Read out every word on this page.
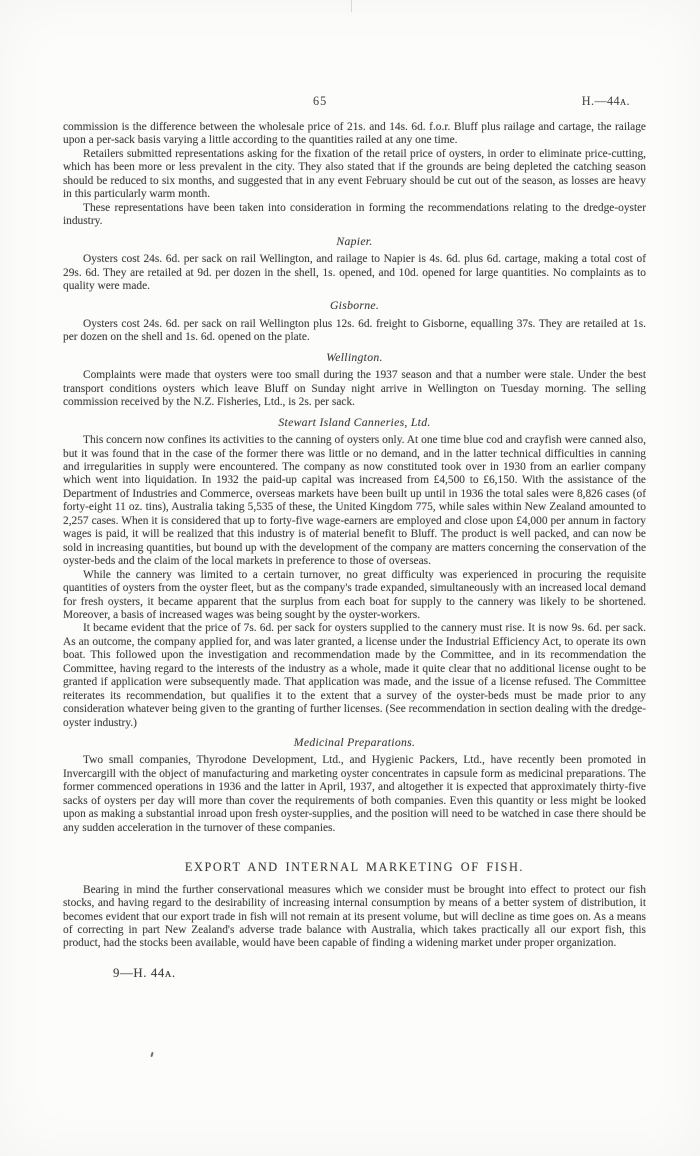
65	H.—44ᴀ.

commission is the difference between the wholesale price of 21s. and 14s. 6d. f.o.r. Bluff plus railage and cartage, the railage upon a per-sack basis varying a little according to the quantities railed at any one time.

Retailers submitted representations asking for the fixation of the retail price of oysters, in order to eliminate price-cutting, which has been more or less prevalent in the city. They also stated that if the grounds are being depleted the catching season should be reduced to six months, and suggested that in any event February should be cut out of the season, as losses are heavy in this particularly warm month.

These representations have been taken into consideration in forming the recommendations relating to the dredge-oyster industry.

Napier.

Oysters cost 24s. 6d. per sack on rail Wellington, and railage to Napier is 4s. 6d. plus 6d. cartage, making a total cost of 29s. 6d. They are retailed at 9d. per dozen in the shell, 1s. opened, and 10d. opened for large quantities. No complaints as to quality were made.

Gisborne.

Oysters cost 24s. 6d. per sack on rail Wellington plus 12s. 6d. freight to Gisborne, equalling 37s. They are retailed at 1s. per dozen on the shell and 1s. 6d. opened on the plate.

Wellington.

Complaints were made that oysters were too small during the 1937 season and that a number were stale. Under the best transport conditions oysters which leave Bluff on Sunday night arrive in Wellington on Tuesday morning. The selling commission received by the N.Z. Fisheries, Ltd., is 2s. per sack.

Stewart Island Canneries, Ltd.

This concern now confines its activities to the canning of oysters only. At one time blue cod and crayfish were canned also, but it was found that in the case of the former there was little or no demand, and in the latter technical difficulties in canning and irregularities in supply were encountered. The company as now constituted took over in 1930 from an earlier company which went into liquidation. In 1932 the paid-up capital was increased from £4,500 to £6,150. With the assistance of the Department of Industries and Commerce, overseas markets have been built up until in 1936 the total sales were 8,826 cases (of forty-eight 11 oz. tins), Australia taking 5,535 of these, the United Kingdom 775, while sales within New Zealand amounted to 2,257 cases. When it is considered that up to forty-five wage-earners are employed and close upon £4,000 per annum in factory wages is paid, it will be realized that this industry is of material benefit to Bluff. The product is well packed, and can now be sold in increasing quantities, but bound up with the development of the company are matters concerning the conservation of the oyster-beds and the claim of the local markets in preference to those of overseas.

While the cannery was limited to a certain turnover, no great difficulty was experienced in procuring the requisite quantities of oysters from the oyster fleet, but as the company's trade expanded, simultaneously with an increased local demand for fresh oysters, it became apparent that the surplus from each boat for supply to the cannery was likely to be shortened. Moreover, a basis of increased wages was being sought by the oyster-workers.

It became evident that the price of 7s. 6d. per sack for oysters supplied to the cannery must rise. It is now 9s. 6d. per sack. As an outcome, the company applied for, and was later granted, a license under the Industrial Efficiency Act, to operate its own boat. This followed upon the investigation and recommendation made by the Committee, and in its recommendation the Committee, having regard to the interests of the industry as a whole, made it quite clear that no additional license ought to be granted if application were subsequently made. That application was made, and the issue of a license refused. The Committee reiterates its recommendation, but qualifies it to the extent that a survey of the oyster-beds must be made prior to any consideration whatever being given to the granting of further licenses. (See recommendation in section dealing with the dredge-oyster industry.)

Medicinal Preparations.

Two small companies, Thyrodone Development, Ltd., and Hygienic Packers, Ltd., have recently been promoted in Invercargill with the object of manufacturing and marketing oyster concentrates in capsule form as medicinal preparations. The former commenced operations in 1936 and the latter in April, 1937, and altogether it is expected that approximately thirty-five sacks of oysters per day will more than cover the requirements of both companies. Even this quantity or less might be looked upon as making a substantial inroad upon fresh oyster-supplies, and the position will need to be watched in case there should be any sudden acceleration in the turnover of these companies.

EXPORT AND INTERNAL MARKETING OF FISH.

Bearing in mind the further conservational measures which we consider must be brought into effect to protect our fish stocks, and having regard to the desirability of increasing internal consumption by means of a better system of distribution, it becomes evident that our export trade in fish will not remain at its present volume, but will decline as time goes on. As a means of correcting in part New Zealand's adverse trade balance with Australia, which takes practically all our export fish, this product, had the stocks been available, would have been capable of finding a widening market under proper organization.

9—H. 44ᴀ.
